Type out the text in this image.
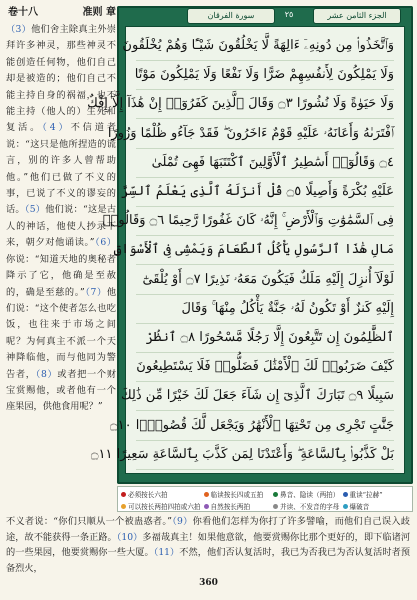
卷十八	准则 章
（3）他们舍主除真主外崇拜许多神灵，那些神灵不能创造任何物，他们自己却是被造的；他们自己不能主持自身的祸福，也不能主持（他人的）生死和复活。（4）不信道者说：“这只是他所捏造的谎言，别的许多人曾帮助他。”他们已做了不义的事，已说了不义的谬妄的话。（5）他们说：“这是古人的神话，他使人抄录下来，朝夕对他诵读。”（6）你说：“知道天地的奥秘者降示了它，他确是至赦的，确是至慈的。”（7）他们说：“这个使者怎么也吃饭，也往来于市场之间呢？为何真主不派一个天神降临他，而与他同为警告者，（8）或者把一个财宝赏赐他，或者他有一个座果园，供他食用呢？”
سورة الفرقان	٢٥	الجزء الثامن عشر
وَٱتَّخَذُوا۟ مِن دُونِهِۦٓ ءَالِهَةً لَّا يَخْلُقُونَ شَيْـًٔا وَهُمْ يُخْلَقُونَ
وَلَا يَمْلِكُونَ لِأَنفُسِهِمْ ضَرًّا وَلَا نَفْعًا وَلَا يَمْلِكُونَ مَوْتًا
وَلَا حَيَوٰةً وَلَا نُشُورًا ۝٣ وَقَالَ ٱلَّذِينَ كَفَرُوٓا۟ إِنْ هَٰذَآ إِلَّآ إِفْكٌ
ٱفْتَرَىٰهُ وَأَعَانَهُۥ عَلَيْهِ قَوْمٌ ءَاخَرُونَ ۖ فَقَدْ جَآءُو ظُلْمًا وَزُورًا
۝٤ وَقَالُوٓا۟ أَسَٰطِيرُ ٱلْأَوَّلِينَ ٱكْتَتَبَهَا فَهِىَ تُمْلَىٰ
عَلَيْهِ بُكْرَةً وَأَصِيلًا ۝٥ قُلْ أَنزَلَهُ ٱلَّذِى يَعْلَمُ ٱلسِّرَّ
فِى ٱلسَّمَٰوَٰتِ وَٱلْأَرْضِ ۚ إِنَّهُۥ كَانَ غَفُورًا رَّحِيمًا ۝٦ وَقَالُوا۟
مَالِ هَٰذَا ٱلرَّسُولِ يَأْكُلُ ٱلطَّعَامَ وَيَمْشِى فِى ٱلْأَسْوَاقِ
لَوْلَآ أُنزِلَ إِلَيْهِ مَلَكٌ فَيَكُونَ مَعَهُۥ نَذِيرًا ۝٧ أَوْ يُلْقَىٰٓ
إِلَيْهِ كَنزٌ أَوْ تَكُونُ لَهُۥ جَنَّةٌ يَأْكُلُ مِنْهَا ۚ وَقَالَ
ٱلظَّٰلِمُونَ إِن تَتَّبِعُونَ إِلَّا رَجُلًا مَّسْحُورًا ۝٨ ٱنظُرْ
كَيْفَ ضَرَبُوا۟ لَكَ ٱلْأَمْثَٰلَ فَضَلُّوا۟ فَلَا يَسْتَطِيعُونَ
سَبِيلًا ۝٩ تَبَارَكَ ٱلَّذِىٓ إِن شَآءَ جَعَلَ لَكَ خَيْرًا مِّن ذَٰلِكَ
جَنَّٰتٍ تَجْرِى مِن تَحْتِهَا ٱلْأَنْهَٰرُ وَيَجْعَل لَّكَ قُصُورًۢا ۝١٠
بَلْ كَذَّبُوا۟ بِٱلسَّاعَةِ ۖ وَأَعْتَدْنَا لِمَن كَذَّبَ بِٱلسَّاعَةِ سَعِيرًا ۝١١
必须按长六拍	临读按长四或五拍	鼻音、隐读（两拍） 重读“拉赫”
可以按长两拍四拍或六拍 自然按长两拍	并读、不发音的字母 爆破音
360
不义者说：“你们只顺从一个被蛊惑者。”（9）你看他们怎样为你打了许多譬喻，而他们自己误入歧途，故不能获得一条正路。（10）多福哉真主！如果他意欲，他要赏赐你比那个更好的，即下临诸河的一些果园，他要赏赐你一些大厦。（11）不然，他们否认复活时，我已为否我已为否认复活时者预备烈火，
